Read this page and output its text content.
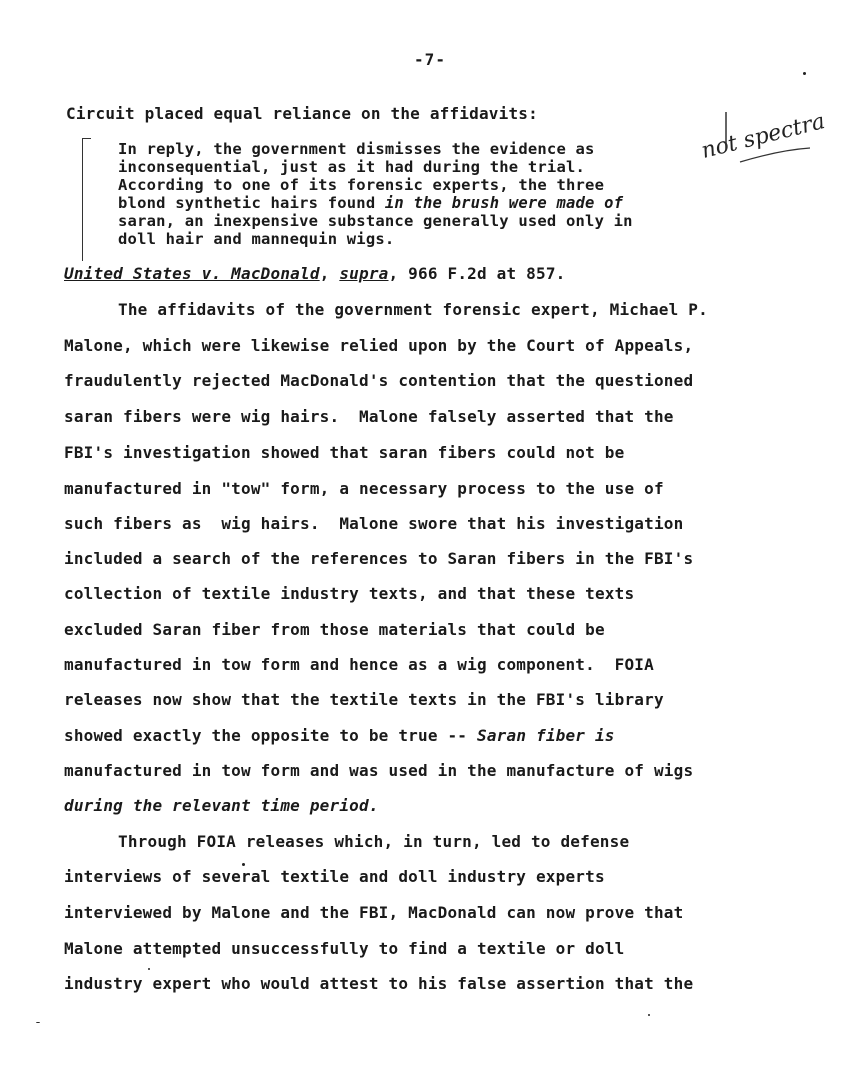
-7-
Circuit placed equal reliance on the affidavits:
In reply, the government dismisses the evidence as
inconsequential, just as it had during the trial.
According to one of its forensic experts, the three
blond synthetic hairs found in the brush were made of
saran, an inexpensive substance generally used only in
doll hair and mannequin wigs.
United States v. MacDonald, supra, 966 F.2d at 857.
The affidavits of the government forensic expert, Michael P.
Malone, which were likewise relied upon by the Court of Appeals,
fraudulently rejected MacDonald's contention that the questioned
saran fibers were wig hairs.  Malone falsely asserted that the
FBI's investigation showed that saran fibers could not be
manufactured in "tow" form, a necessary process to the use of
such fibers as  wig hairs.  Malone swore that his investigation
included a search of the references to Saran fibers in the FBI's
collection of textile industry texts, and that these texts
excluded Saran fiber from those materials that could be
manufactured in tow form and hence as a wig component.  FOIA
releases now show that the textile texts in the FBI's library
showed exactly the opposite to be true -- Saran fiber is
manufactured in tow form and was used in the manufacture of wigs
during the relevant time period.
Through FOIA releases which, in turn, led to defense
interviews of several textile and doll industry experts
interviewed by Malone and the FBI, MacDonald can now prove that
Malone attempted unsuccessfully to find a textile or doll
industry expert who would attest to his false assertion that the
not spectra
